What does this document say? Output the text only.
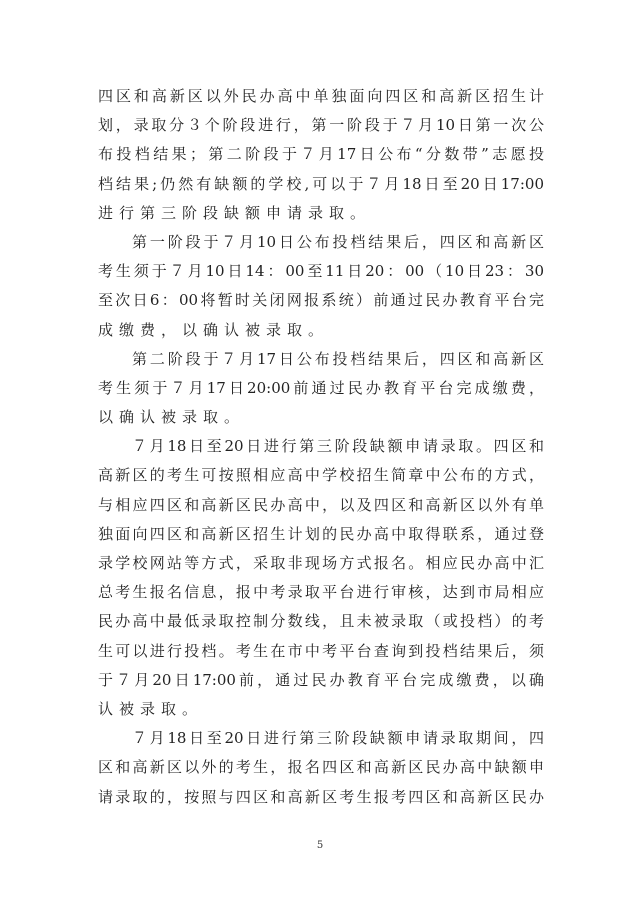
四区和高新区以外民办高中单独面向四区和高新区招生计
划，录取分３个阶段进行，第一阶段于７月10日第一次公
布投档结果；第二阶段于７月17日公布“分数带”志愿投
档结果;仍然有缺额的学校,可以于７月18日至20日17:00
进行第三阶段缺额申请录取。
第一阶段于７月10日公布投档结果后，四区和高新区
考生须于７月10日14：00至11日20：00（10日23：30
至次日6：00将暂时关闭网报系统）前通过民办教育平台完
成缴费，以确认被录取。
第二阶段于７月17日公布投档结果后，四区和高新区
考生须于７月17日20:00前通过民办教育平台完成缴费，
以确认被录取。
７月18日至20日进行第三阶段缺额申请录取。四区和
高新区的考生可按照相应高中学校招生简章中公布的方式，
与相应四区和高新区民办高中，以及四区和高新区以外有单
独面向四区和高新区招生计划的民办高中取得联系，通过登
录学校网站等方式，采取非现场方式报名。相应民办高中汇
总考生报名信息，报中考录取平台进行审核，达到市局相应
民办高中最低录取控制分数线，且未被录取（或投档）的考
生可以进行投档。考生在市中考平台查询到投档结果后，须
于７月20日17:00前，通过民办教育平台完成缴费，以确
认被录取。
７月18日至20日进行第三阶段缺额申请录取期间，四
区和高新区以外的考生，报名四区和高新区民办高中缺额申
请录取的，按照与四区和高新区考生报考四区和高新区民办
5
